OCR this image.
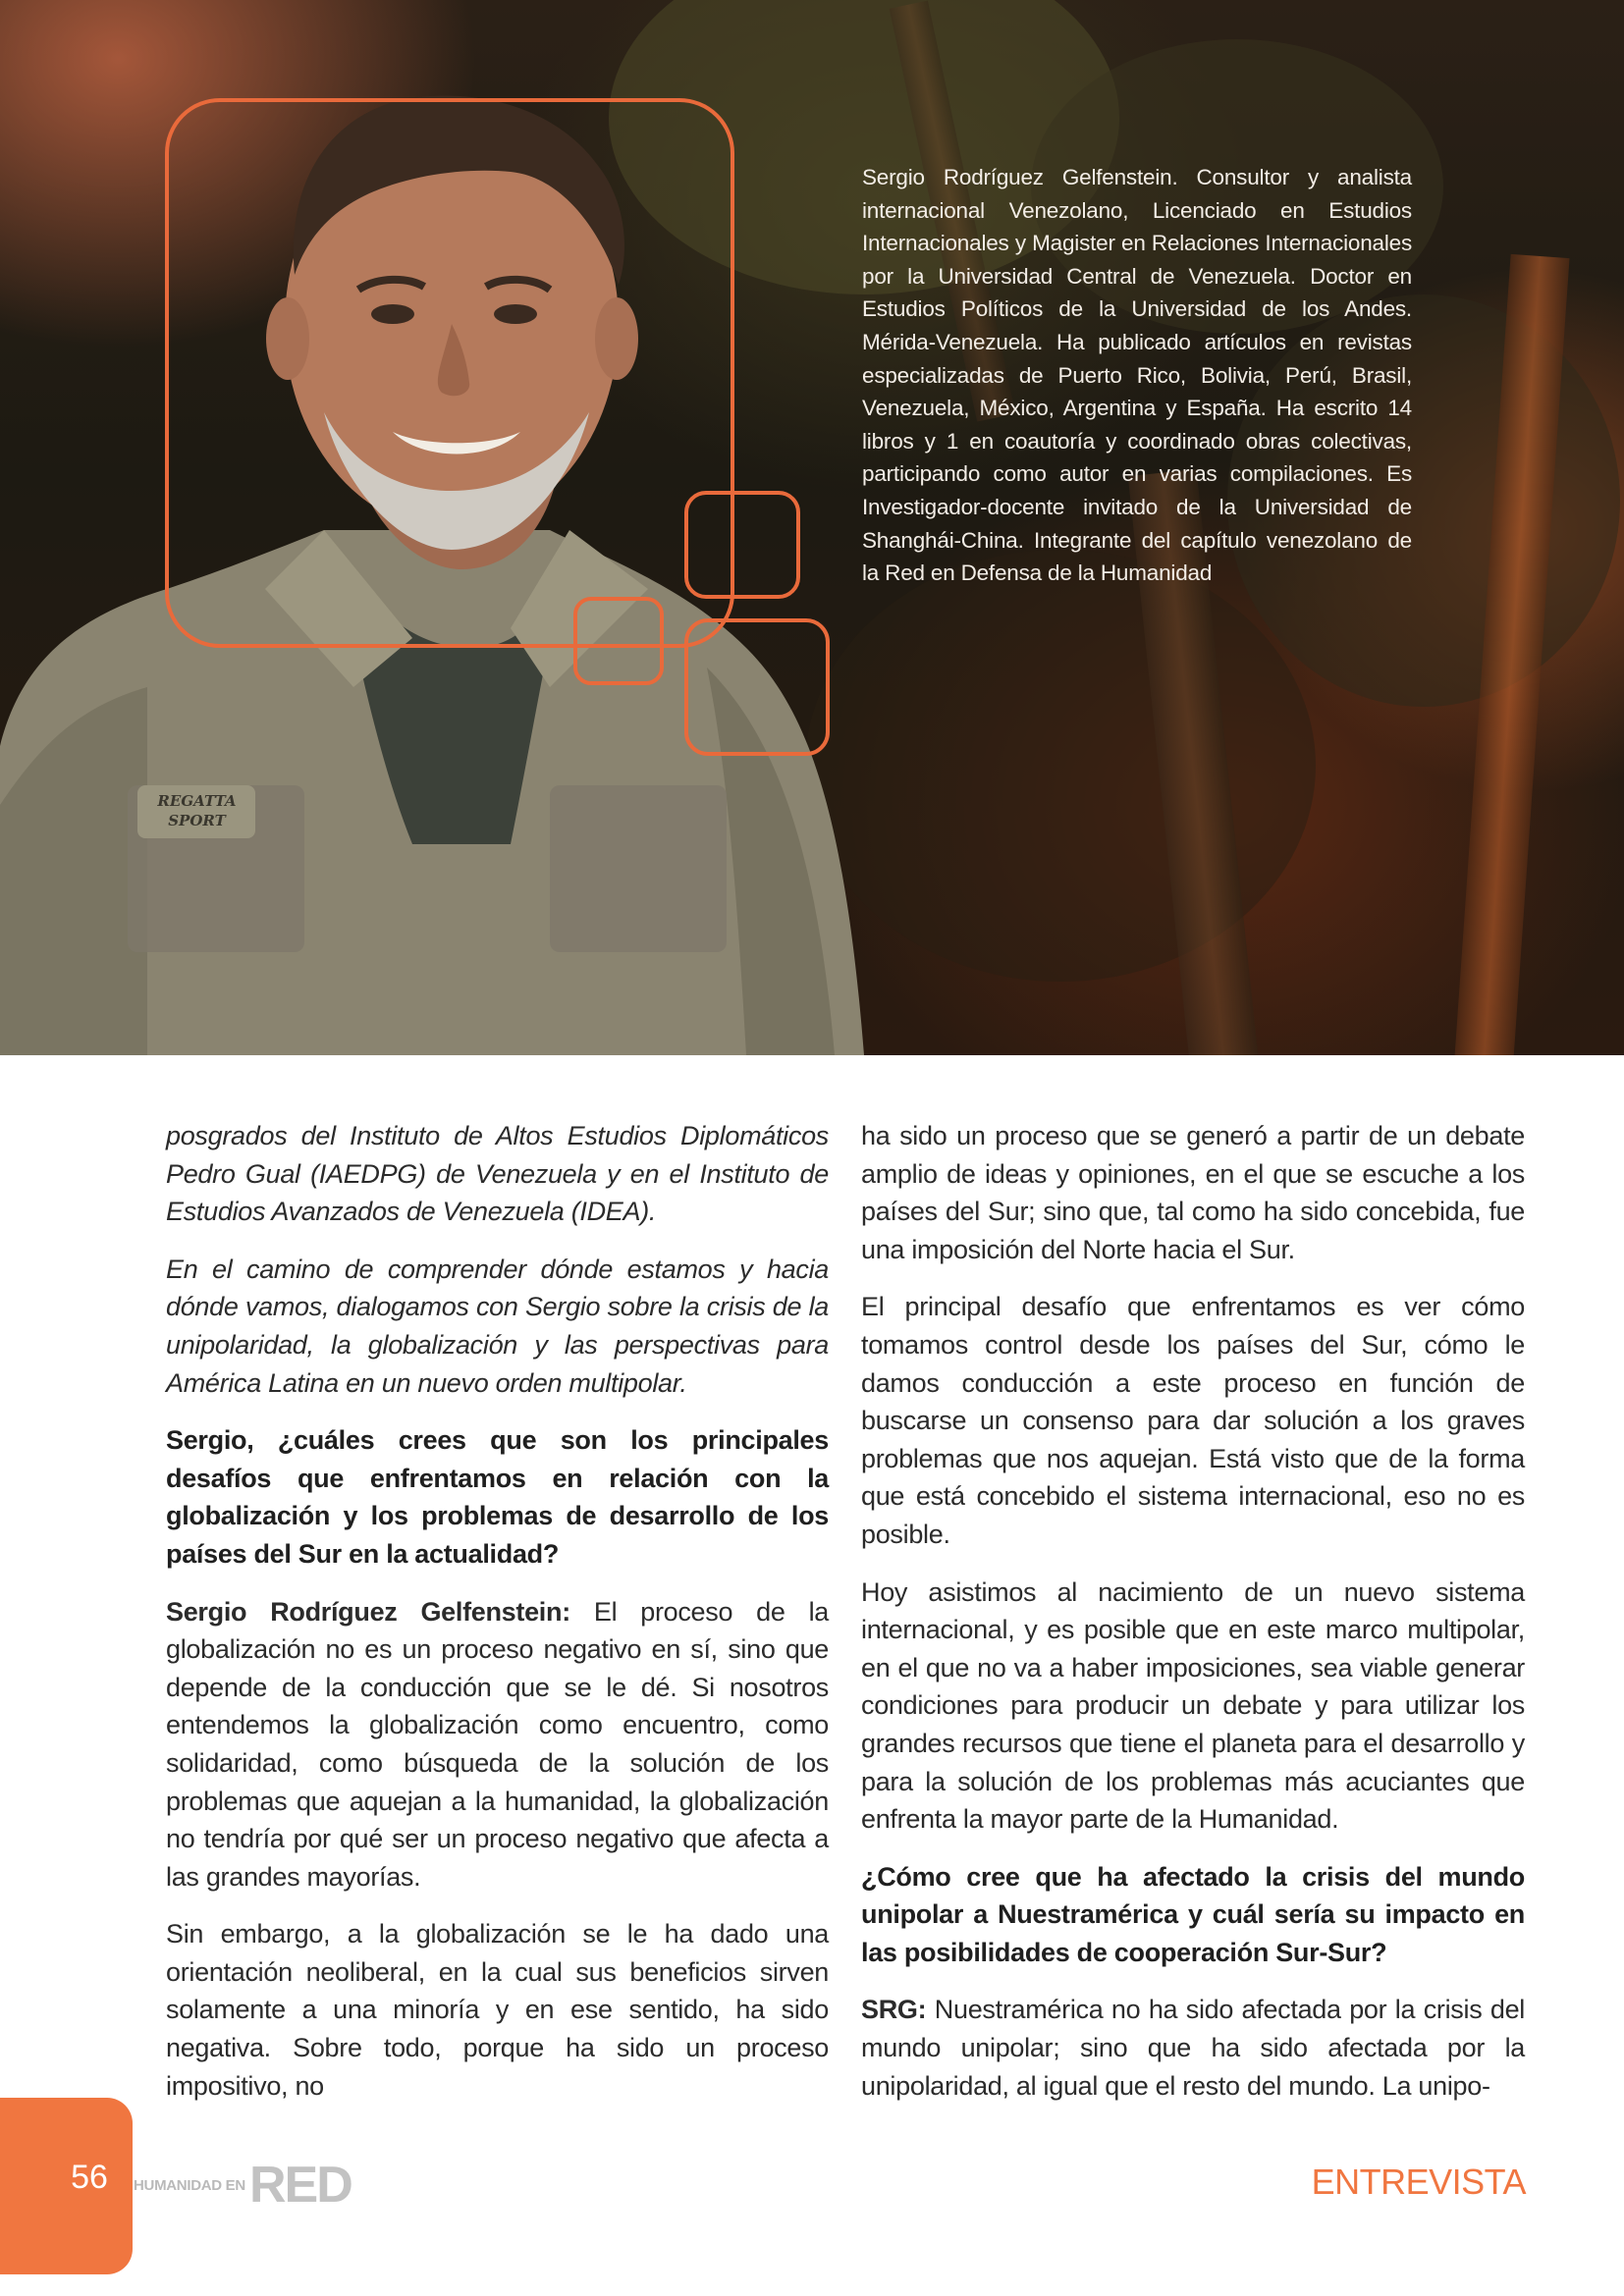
REGATTA SPORT
Sergio Rodríguez Gelfenstein. Consultor y analista internacional Venezolano, Licenciado en Estudios Internacionales y Magister en Relaciones Internacionales por la Universidad Central de Venezuela. Doctor en Estudios Políticos de la Universidad de los Andes. Mérida-Venezuela. Ha publicado artículos en revistas especializadas de Puerto Rico, Bolivia, Perú, Brasil, Venezuela, México, Argentina y España. Ha escrito 14 libros y 1 en coautoría y coordinado obras colectivas, participando como autor en varias compilaciones. Es Investigador-docente invitado de la Universidad de Shanghái-China. Integrante del capítulo venezolano de la Red en Defensa de la Humanidad

posgrados del Instituto de Altos Estudios Diplomáticos Pedro Gual (IAEDPG) de Venezuela y en el Instituto de Estudios Avanzados de Venezuela (IDEA).

En el camino de comprender dónde estamos y hacia dónde vamos, dialogamos con Sergio sobre la crisis de la unipolaridad, la globalización y las perspectivas para América Latina en un nuevo orden multipolar.

Sergio, ¿cuáles crees que son los principales desafíos que enfrentamos en relación con la globalización y los problemas de desarrollo de los países del Sur en la actualidad?

Sergio Rodríguez Gelfenstein: El proceso de la globalización no es un proceso negativo en sí, sino que depende de la conducción que se le dé. Si nosotros entendemos la globalización como encuentro, como solidaridad, como búsqueda de la solución de los problemas que aquejan a la humanidad, la globalización no tendría por qué ser un proceso negativo que afecta a las grandes mayorías.

Sin embargo, a la globalización se le ha dado una orientación neoliberal, en la cual sus beneficios sirven solamente a una minoría y en ese sentido, ha sido negativa. Sobre todo, porque ha sido un proceso impositivo, no

ha sido un proceso que se generó a partir de un debate amplio de ideas y opiniones, en el que se escuche a los países del Sur; sino que, tal como ha sido concebida, fue una imposición del Norte hacia el Sur.

El principal desafío que enfrentamos es ver cómo tomamos control desde los países del Sur, cómo le damos conducción a este proceso en función de buscarse un consenso para dar solución a los graves problemas que nos aquejan. Está visto que de la forma que está concebido el sistema internacional, eso no es posible.

Hoy asistimos al nacimiento de un nuevo sistema internacional, y es posible que en este marco multipolar, en el que no va a haber imposiciones, sea viable generar condiciones para producir un debate y para utilizar los grandes recursos que tiene el planeta para el desarrollo y para la solución de los problemas más acuciantes que enfrenta la mayor parte de la Humanidad.

¿Cómo cree que ha afectado la crisis del mundo unipolar a Nuestramérica y cuál sería su impacto en las posibilidades de cooperación Sur-Sur?

SRG: Nuestramérica no ha sido afectada por la crisis del mundo unipolar; sino que ha sido afectada por la unipolaridad, al igual que el resto del mundo. La unipo-

56	HUMANIDAD EN RED	ENTREVISTA
